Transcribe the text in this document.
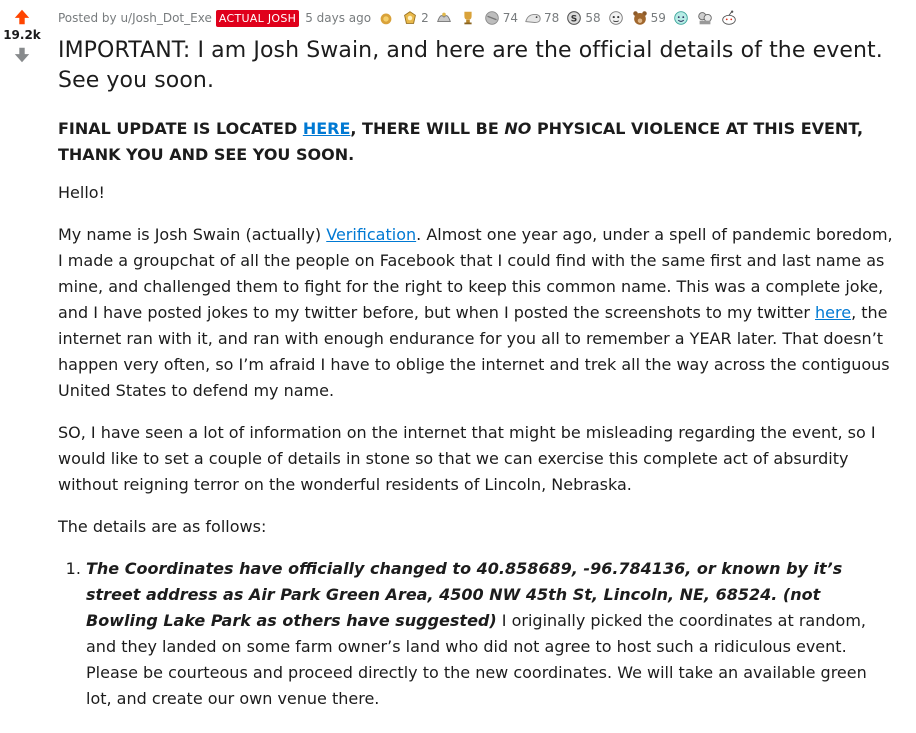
19.2k
Posted by u/Josh_Dot_Exe ACTUAL JOSH 5 days ago	2	74 78 S 58	59
IMPORTANT: I am Josh Swain, and here are the official details of the event. See you soon.

FINAL UPDATE IS LOCATED HERE, THERE WILL BE NO PHYSICAL VIOLENCE AT THIS EVENT, THANK YOU AND SEE YOU SOON.

Hello!

My name is Josh Swain (actually) Verification. Almost one year ago, under a spell of pandemic boredom, I made a groupchat of all the people on Facebook that I could find with the same first and last name as mine, and challenged them to fight for the right to keep this common name. This was a complete joke, and I have posted jokes to my twitter before, but when I posted the screenshots to my twitter here, the internet ran with it, and ran with enough endurance for you all to remember a YEAR later. That doesn’t happen very often, so I’m afraid I have to oblige the internet and trek all the way across the contiguous United States to defend my name.

SO, I have seen a lot of information on the internet that might be misleading regarding the event, so I would like to set a couple of details in stone so that we can exercise this complete act of absurdity without reigning terror on the wonderful residents of Lincoln, Nebraska.

The details are as follows:

1. The Coordinates have officially changed to 40.858689, -96.784136, or known by it’s street address as Air Park Green Area, 4500 NW 45th St, Lincoln, NE, 68524. (not Bowling Lake Park as others have suggested) I originally picked the coordinates at random, and they landed on some farm owner’s land who did not agree to host such a ridiculous event. Please be courteous and proceed directly to the new coordinates. We will take an available green lot, and create our own venue there.
